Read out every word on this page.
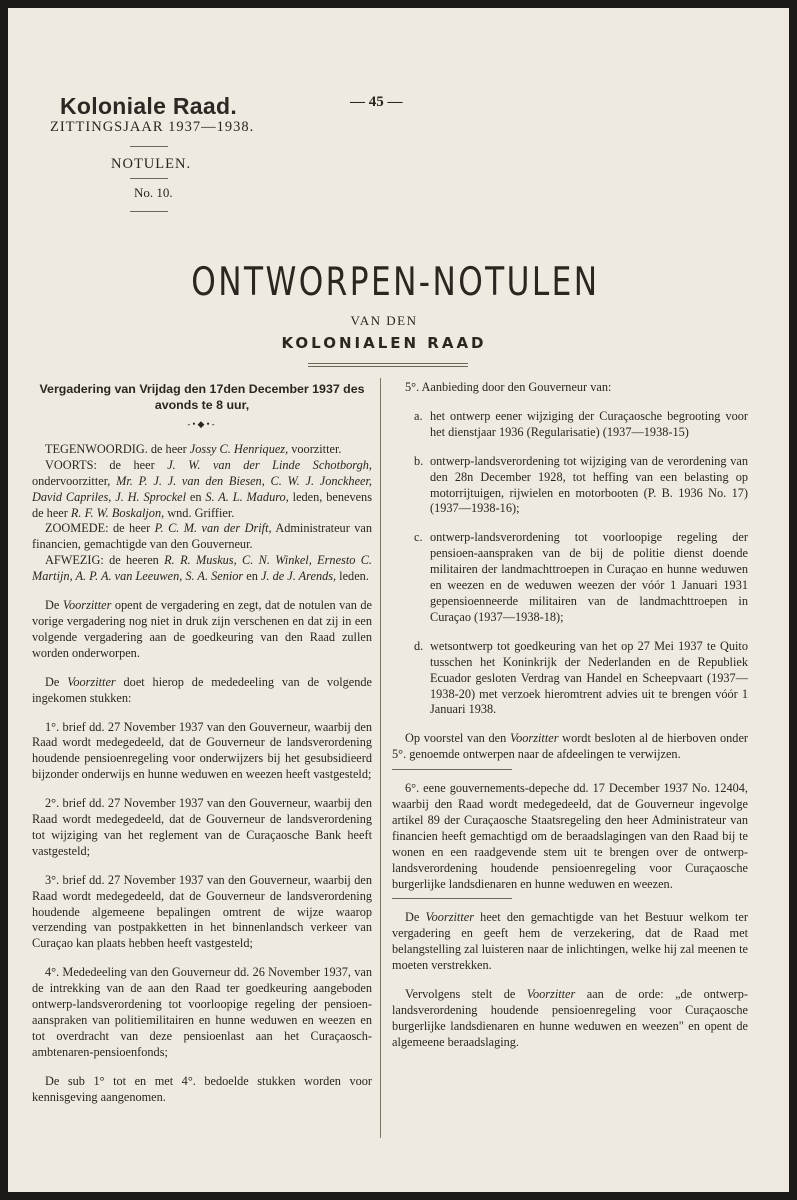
Koloniale Raad.
ZITTINGSJAAR 1937—1938.
— 45 —
NOTULEN.
No. 10.
ONTWORPEN-NOTULEN
VAN DEN
KOLONIALEN RAAD
Vergadering van Vrijdag den 17den December 1937 des
avonds te 8 uur,
-•◆•-

TEGENWOORDIG. de heer Jossy C. Henriquez, voorzitter.

VOORTS: de heer J. W. van der Linde Schotborgh, ondervoorzitter, Mr. P. J. J. van den Biesen, C. W. J. Jonckheer, David Capriles, J. H. Sprockel en S. A. L. Maduro, leden, benevens de heer R. F. W. Boskaljon, wnd. Griffier.

ZOOMEDE: de heer P. C. M. van der Drift, Administrateur van financien, gemachtigde van den Gouverneur.

AFWEZIG: de heeren R. R. Muskus, C. N. Winkel, Ernesto C. Martijn, A. P. A. van Leeuwen, S. A. Senior en J. de J. Arends, leden.

De Voorzitter opent de vergadering en zegt, dat de notulen van de vorige vergadering nog niet in druk zijn verschenen en dat zij in een volgende vergadering aan de goedkeuring van den Raad zullen worden onderworpen.

De Voorzitter doet hierop de mededeeling van de volgende ingekomen stukken:

1°. brief dd. 27 November 1937 van den Gouverneur, waarbij den Raad wordt medegedeeld, dat de Gouverneur de landsverordening houdende pensioenregeling voor onderwijzers bij het gesubsidieerd bijzonder onderwijs en hunne weduwen en weezen heeft vastgesteld;

2°. brief dd. 27 November 1937 van den Gouverneur, waarbij den Raad wordt medegedeeld, dat de Gouverneur de landsverordening tot wijziging van het reglement van de Curaçaosche Bank heeft vastgesteld;

3°. brief dd. 27 November 1937 van den Gouverneur, waarbij den Raad wordt medegedeeld, dat de Gouverneur de landsverordening houdende algemeene bepalingen omtrent de wijze waarop verzending van postpakketten in het binnenlandsch verkeer van Curaçao kan plaats hebben heeft vastgesteld;

4°. Mededeeling van den Gouverneur dd. 26 November 1937, van de intrekking van de aan den Raad ter goedkeuring aangeboden ontwerp-landsverordening tot voorloopige regeling der pensioen-aanspraken van politiemilitairen en hunne weduwen en weezen en tot overdracht van deze pensioenlast aan het Curaçaosch-ambtenaren-pensioenfonds;

De sub 1° tot en met 4°. bedoelde stukken worden voor kennisgeving aangenomen.

5°. Aanbieding door den Gouverneur van:

a. het ontwerp eener wijziging der Curaçaosche begrooting voor het dienstjaar 1936 (Regularisatie) (1937—1938-15)

b. ontwerp-landsverordening tot wijziging van de verordening van den 28n December 1928, tot heffing van een belasting op motorrijtuigen, rijwielen en motorbooten (P. B. 1936 No. 17) (1937—1938-16);

c. ontwerp-landsverordening tot voorloopige regeling der pensioen-aanspraken van de bij de politie dienst doende militairen der landmachttroepen in Curaçao en hunne weduwen en weezen en de weduwen weezen der vóór 1 Januari 1931 gepensioenneerde militairen van de landmachttroepen in Curaçao (1937—1938-18);

d. wetsontwerp tot goedkeuring van het op 27 Mei 1937 te Quito tusschen het Koninkrijk der Nederlanden en de Republiek Ecuador gesloten Verdrag van Handel en Scheepvaart (1937—1938-20) met verzoek hieromtrent advies uit te brengen vóór 1 Januari 1938.

Op voorstel van den Voorzitter wordt besloten al de hierboven onder 5°. genoemde ontwerpen naar de afdeelingen te verwijzen.

6°. eene gouvernements-depeche dd. 17 December 1937 No. 12404, waarbij den Raad wordt medegedeeld, dat de Gouverneur ingevolge artikel 89 der Curaçaosche Staatsregeling den heer Administrateur van financien heeft gemachtigd om de beraadslagingen van den Raad bij te wonen en een raadgevende stem uit te brengen over de ontwerp-landsverordening houdende pensioenregeling voor Curaçaosche burgerlijke landsdienaren en hunne weduwen en weezen.

De Voorzitter heet den gemachtigde van het Bestuur welkom ter vergadering en geeft hem de verzekering, dat de Raad met belangstelling zal luisteren naar de inlichtingen, welke hij zal meenen te moeten verstrekken.

Vervolgens stelt de Voorzitter aan de orde: „de ontwerp-landsverordening houdende pensioenregeling voor Curaçaosche burgerlijke landsdienaren en hunne weduwen en weezen" en opent de algemeene beraadslaging.
